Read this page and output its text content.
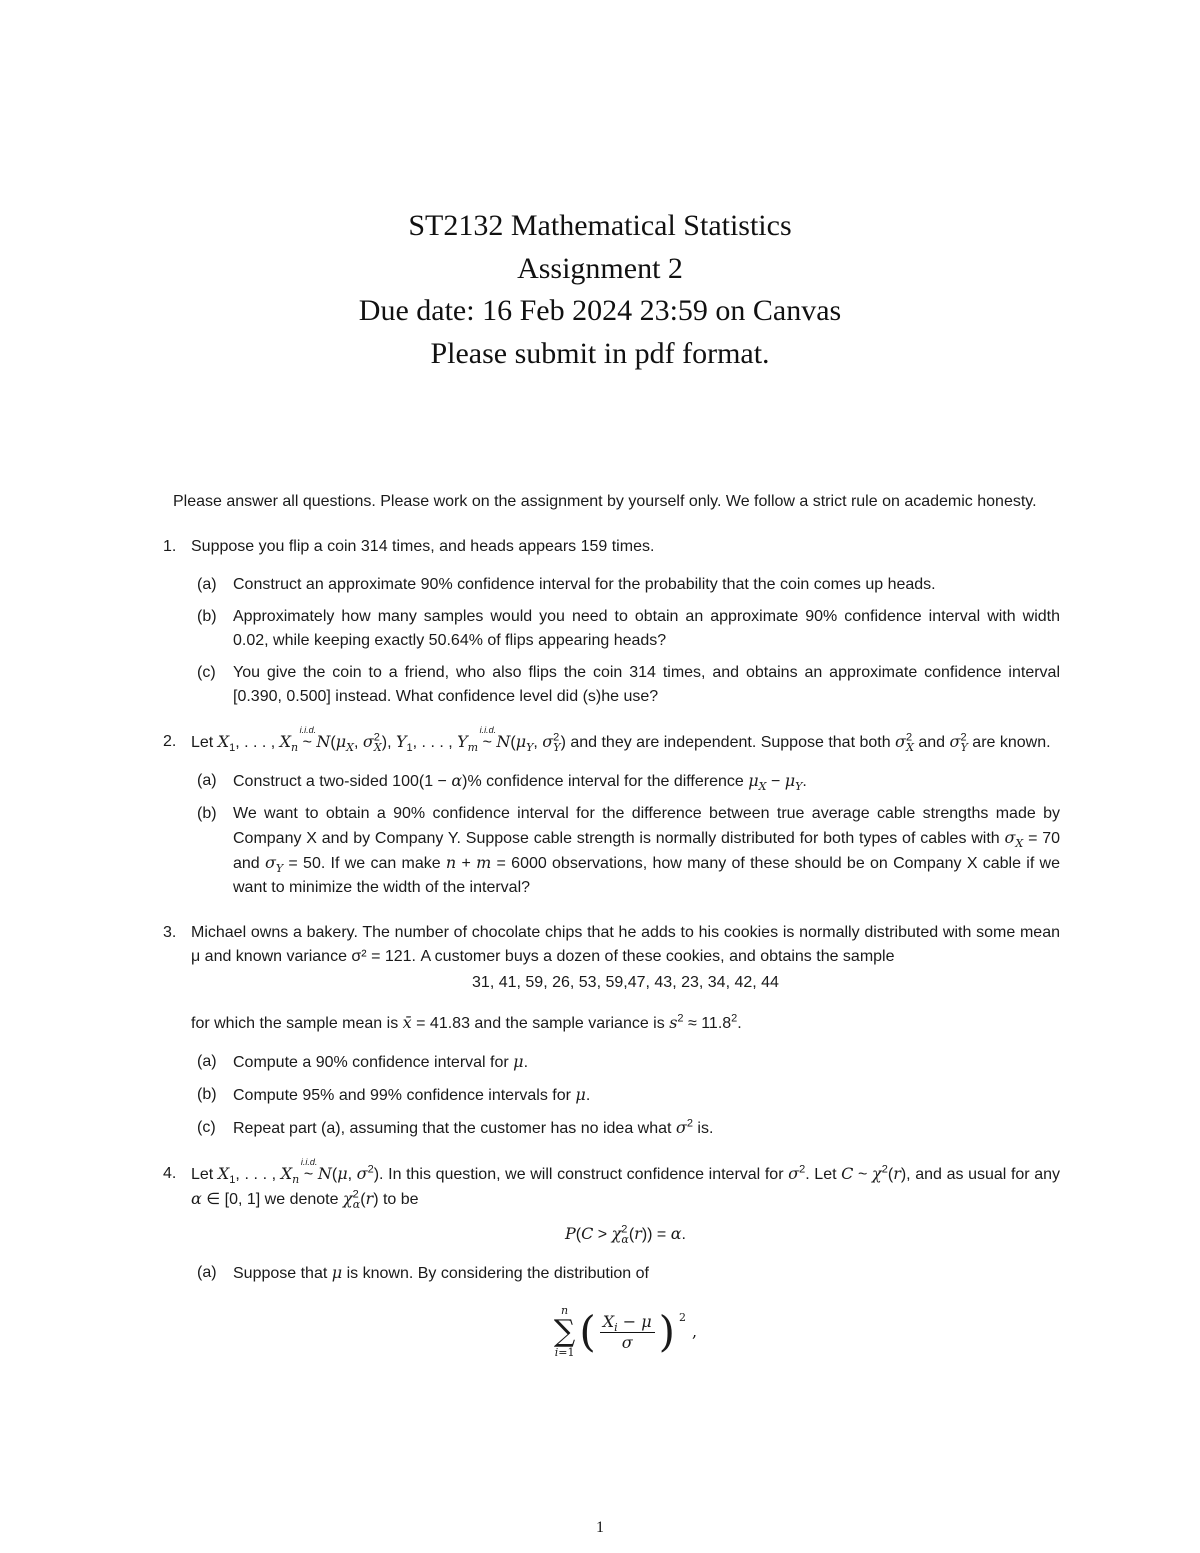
ST2132 Mathematical Statistics
Assignment 2
Due date: 16 Feb 2024 23:59 on Canvas
Please submit in pdf format.

Please answer all questions. Please work on the assignment by yourself only. We follow a strict rule on academic honesty.

1. Suppose you flip a coin 314 times, and heads appears 159 times.
(a) Construct an approximate 90% confidence interval for the probability that the coin comes up heads.
(b) Approximately how many samples would you need to obtain an approximate 90% confidence interval with width 0.02, while keeping exactly 50.64% of flips appearing heads?
(c) You give the coin to a friend, who also flips the coin 314 times, and obtains an approximate confidence interval [0.390, 0.500] instead. What confidence level did (s)he use?
2. Let $X_1$, . . . , $X_n$
i.i.d.
~ $N(\mu_X$, $\sigma^2_X$), $Y_1$, . . . , $Y_m$
i.i.d.
~ $N(\mu_Y$, $\sigma^2_Y$) and they are independent. Suppose that both $\sigma^2_X$ and $\sigma^2_Y$ are known.
(a) Construct a two-sided 100(1 − α)% confidence interval for the difference $\mu_X - \mu_Y$.
(b) We want to obtain a 90% confidence interval for the difference between true average cable strengths made by Company X and by Company Y. Suppose cable strength is normally distributed for both types of cables with $\sigma_X = 70$ and $\sigma_Y = 50$. If we can make n + m = 6000 observations, how many of these should be on Company X cable if we want to minimize the width of the interval?
3. Michael owns a bakery. The number of chocolate chips that he adds to his cookies is normally distributed with some mean μ and known variance σ² = 121. A customer buys a dozen of these cookies, and obtains the sample
31, 41, 59, 26, 53, 59,47, 43, 23, 34, 42, 44
for which the sample mean is x̄ = 41.83 and the sample variance is $s^2 \approx 11.8^2$.
(a) Compute a 90% confidence interval for μ.
(b) Compute 95% and 99% confidence intervals for μ.
(c) Repeat part (a), assuming that the customer has no idea what $\sigma^2$ is.
4. Let $X_1$, . . . , $X_n$
i.i.d.
~ N(μ, $\sigma^2$). In this question, we will construct confidence interval for $\sigma^2$. Let C ~ $\chi^2(r)$, and as usual for any α ∈ [0, 1] we denote $\chi^2_\alpha(r)$ to be
$P(C > \chi^2_\alpha(r)) = \alpha$.
(a) Suppose that μ is known. By considering the distribution of
n
∑
i=1 ( $\frac{X_i - \mu}{\sigma}$ ) $^2$
,
1
